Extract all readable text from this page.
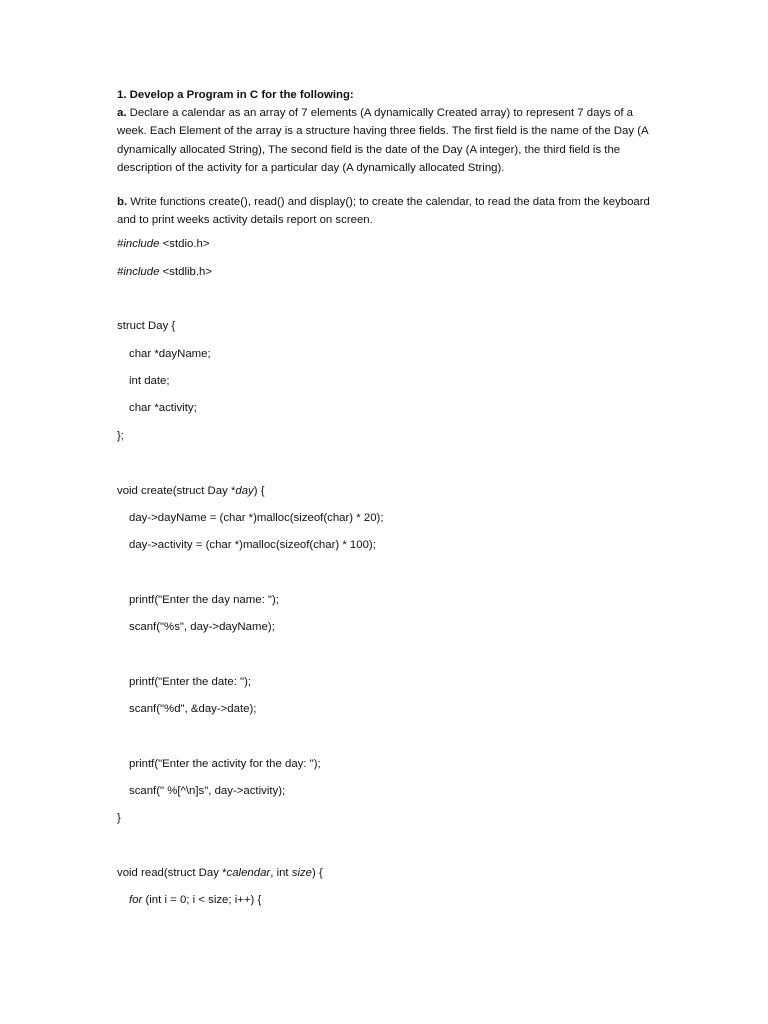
1. Develop a Program in C for the following:

a. Declare a calendar as an array of 7 elements (A dynamically Created array) to represent 7 days of a week. Each Element of the array is a structure having three fields. The first field is the name of the Day (A dynamically allocated String), The second field is the date of the Day (A integer), the third field is the description of the activity for a particular day (A dynamically allocated String).

b. Write functions create(), read() and display(); to create the calendar, to read the data from the keyboard and to print weeks activity details report on screen.

#include <stdio.h>
#include <stdlib.h>
struct Day {
char *dayName;
int date;
char *activity;
};
void create(struct Day *day) {
day->dayName = (char *)malloc(sizeof(char) * 20);
day->activity = (char *)malloc(sizeof(char) * 100);
printf("Enter the day name: ");
scanf("%s", day->dayName);
printf("Enter the date: ");
scanf("%d", &day->date);
printf("Enter the activity for the day: ");
scanf(" %[^\n]s", day->activity);
}
void read(struct Day *calendar, int size) {
for (int i = 0; i < size; i++) {
